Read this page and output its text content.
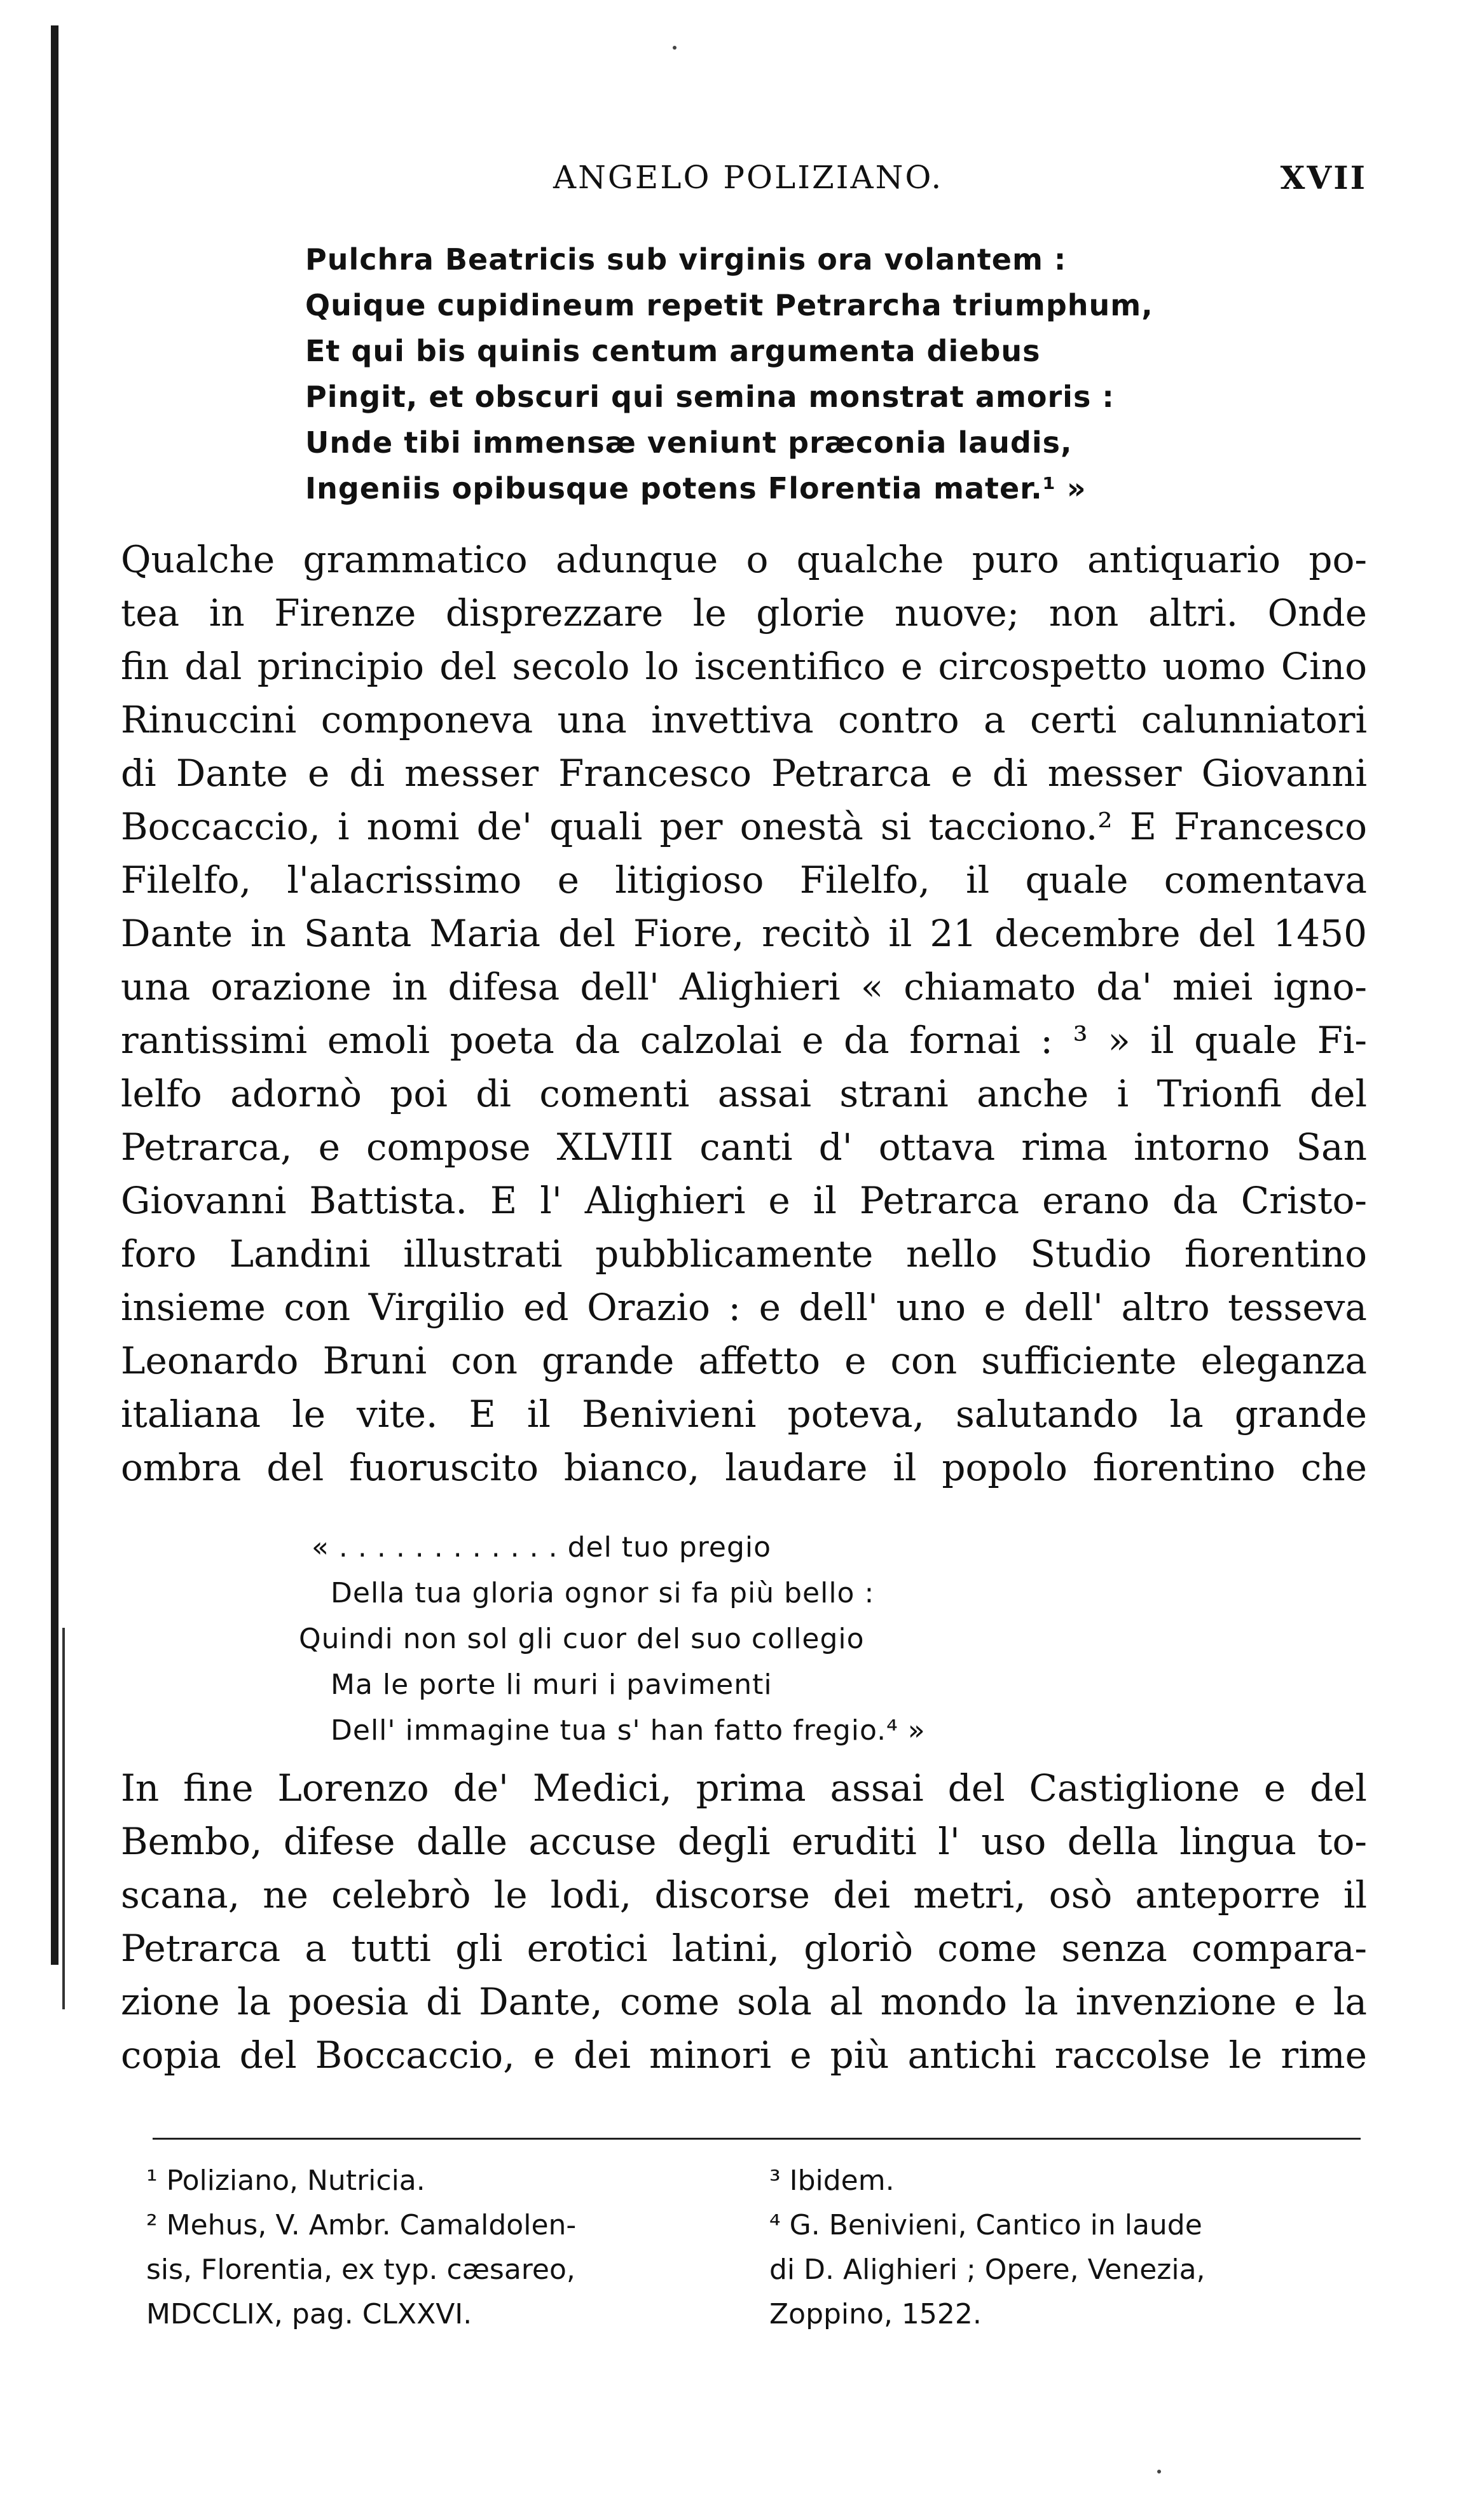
ANGELO POLIZIANO.	XVII
Pulchra Beatricis sub virginis ora volantem :
Quique cupidineum repetit Petrarcha triumphum,
Et qui bis quinis centum argumenta diebus
Pingit, et obscuri qui semina monstrat amoris :
Unde tibi immensæ veniunt præconia laudis,
Ingeniis opibusque potens Florentia mater.¹ »
Qualche grammatico adunque o qualche puro antiquario po-
tea in Firenze disprezzare le glorie nuove; non altri. Onde
fin dal principio del secolo lo iscentifico e circospetto uomo Cino
Rinuccini componeva una invettiva contro a certi calunniatori
di Dante e di messer Francesco Petrarca e di messer Giovanni
Boccaccio, i nomi de' quali per onestà si tacciono.² E Francesco
Filelfo, l'alacrissimo e litigioso Filelfo, il quale comentava
Dante in Santa Maria del Fiore, recitò il 21 decembre del 1450
una orazione in difesa dell' Alighieri « chiamato da' miei igno-
rantissimi emoli poeta da calzolai e da fornai : ³ » il quale Fi-
lelfo adornò poi di comenti assai strani anche i Trionfi del
Petrarca, e compose XLVIII canti d' ottava rima intorno San
Giovanni Battista. E l' Alighieri e il Petrarca erano da Cristo-
foro Landini illustrati pubblicamente nello Studio fiorentino
insieme con Virgilio ed Orazio : e dell' uno e dell' altro tesseva
Leonardo Bruni con grande affetto e con sufficiente eleganza
italiana le vite. E il Benivieni poteva, salutando la grande
ombra del fuoruscito bianco, laudare il popolo fiorentino che
« . . . . . . . . . . . . del tuo pregio
Della tua gloria ognor si fa più bello :
Quindi non sol gli cuor del suo collegio
Ma le porte li muri i pavimenti
Dell' immagine tua s' han fatto fregio.⁴ »
In fine Lorenzo de' Medici, prima assai del Castiglione e del
Bembo, difese dalle accuse degli eruditi l' uso della lingua to-
scana, ne celebrò le lodi, discorse dei metri, osò anteporre il
Petrarca a tutti gli erotici latini, gloriò come senza compara-
zione la poesia di Dante, come sola al mondo la invenzione e la
copia del Boccaccio, e dei minori e più antichi raccolse le rime
¹ Poliziano, Nutricia.
² Mehus, V. Ambr. Camaldolen-
sis, Florentia, ex typ. cæsareo,
MDCCLIX, pag. CLXXVI.
³ Ibidem.
⁴ G. Benivieni, Cantico in laude
di D. Alighieri ; Opere, Venezia,
Zoppino, 1522.
